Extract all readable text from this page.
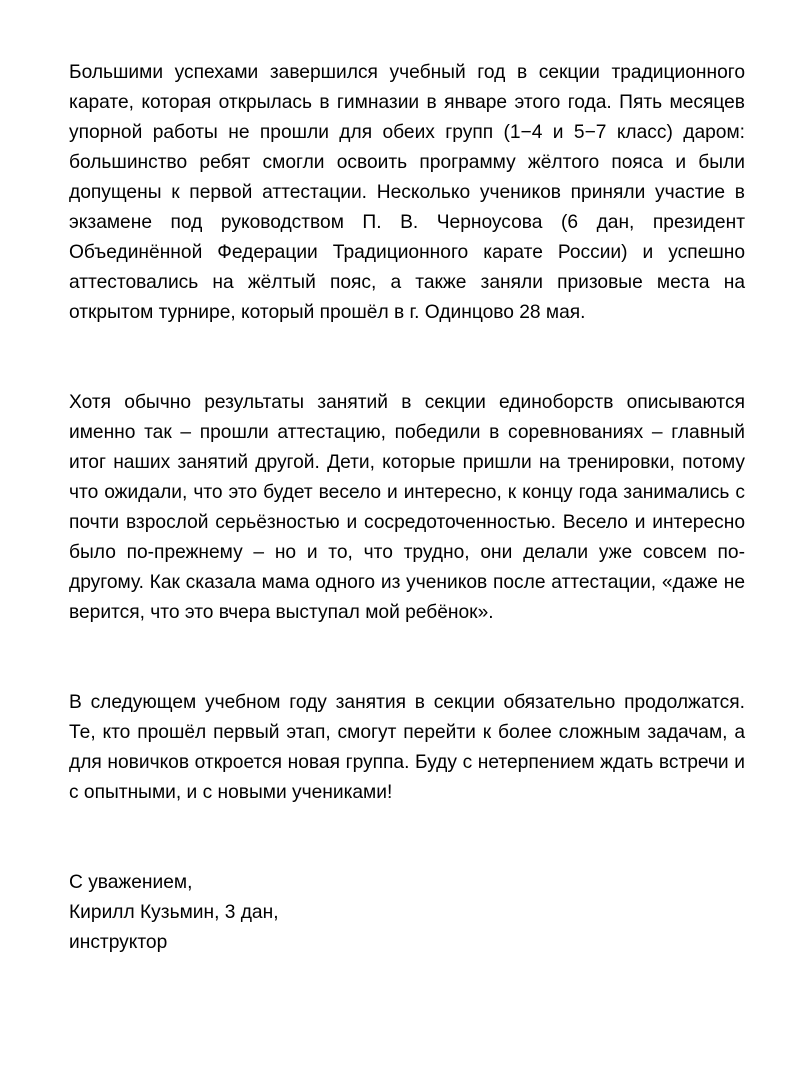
Большими успехами завершился учебный год в секции традиционного карате, которая открылась в гимназии в январе этого года. Пять месяцев упорной работы не прошли для обеих групп (1−4 и 5−7 класс) даром: большинство ребят смогли освоить программу жёлтого пояса и были допущены к первой аттестации. Несколько учеников приняли участие в экзамене под руководством П. В. Черноусова (6 дан, президент Объединённой Федерации Традиционного карате России) и успешно аттестовались на жёлтый пояс, а также заняли призовые места на открытом турнире, который прошёл в г. Одинцово 28 мая.

Хотя обычно результаты занятий в секции единоборств описываются именно так – прошли аттестацию, победили в соревнованиях – главный итог наших занятий другой. Дети, которые пришли на тренировки, потому что ожидали, что это будет весело и интересно, к концу года занимались с почти взрослой серьёзностью и сосредоточенностью. Весело и интересно было по-прежнему – но и то, что трудно, они делали уже совсем по-другому. Как сказала мама одного из учеников после аттестации, «даже не верится, что это вчера выступал мой ребёнок».

В следующем учебном году занятия в секции обязательно продолжатся. Те, кто прошёл первый этап, смогут перейти к более сложным задачам, а для новичков откроется новая группа. Буду с нетерпением ждать встречи и с опытными, и с новыми учениками!

С уважением,
Кирилл Кузьмин, 3 дан,
инструктор
